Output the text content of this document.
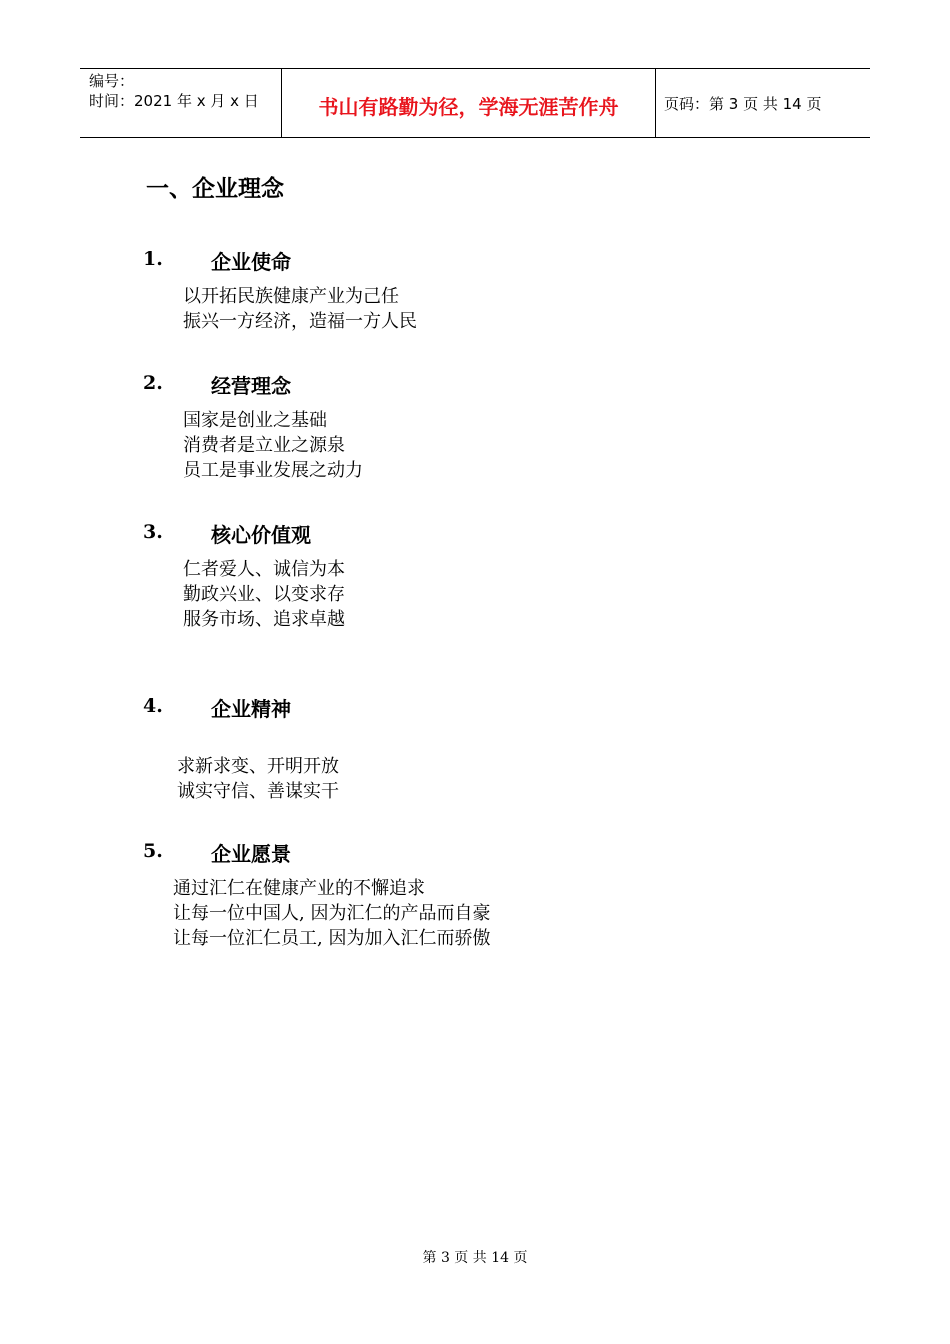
编号：
时间：2021 年 x 月 x 日	书山有路勤为径，学海无涯苦作舟	页码：第 3 页 共 14 页
一、企业理念
1. 企业使命
以开拓民族健康产业为己任
振兴一方经济，造福一方人民
2. 经营理念
国家是创业之基础
消费者是立业之源泉
员工是事业发展之动力
3. 核心价值观
仁者爱人、诚信为本
勤政兴业、以变求存
服务市场、追求卓越
4. 企业精神
求新求变、开明开放
诚实守信、善谋实干
5. 企业愿景
通过汇仁在健康产业的不懈追求
让每一位中国人, 因为汇仁的产品而自豪
让每一位汇仁员工, 因为加入汇仁而骄傲
第 3 页 共 14 页
